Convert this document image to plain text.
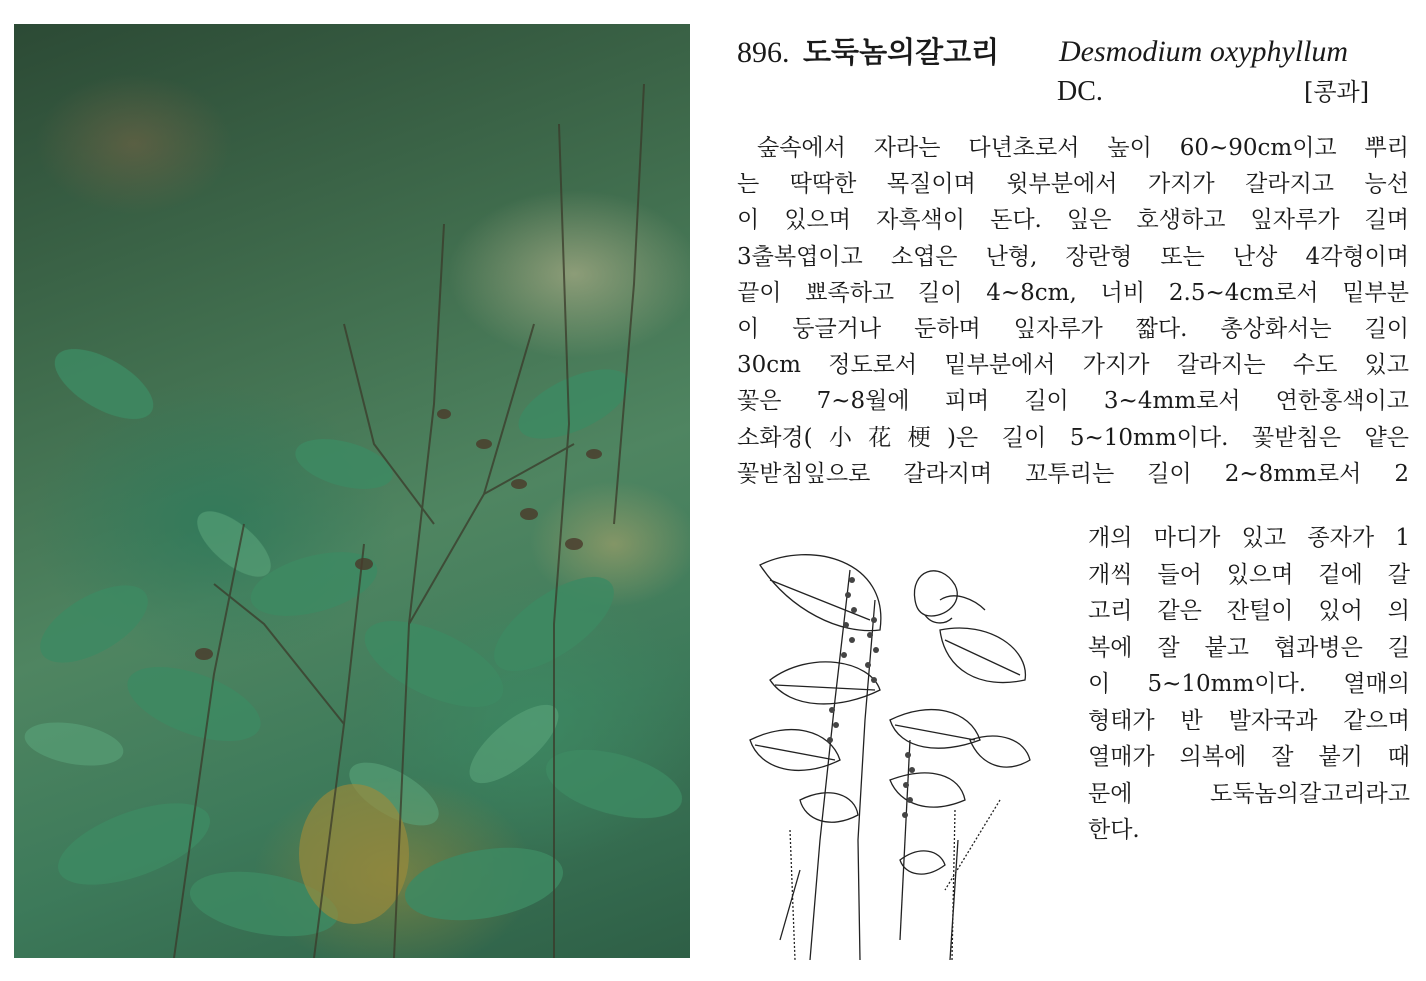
896. 도둑놈의갈고리 Desmodium oxyphyllum
DC.	[콩과]
숲속에서 자라는 다년초로서 높이 60~90cm이고 뿌리
는 딱딱한 목질이며 윗부분에서 가지가 갈라지고 능선
이 있으며 자흑색이 돈다. 잎은 호생하고 잎자루가 길며
3출복엽이고 소엽은 난형, 장란형 또는 난상 4각형이며
끝이 뾰족하고 길이 4~8cm, 너비 2.5~4cm로서 밑부분
이 둥글거나 둔하며 잎자루가 짧다. 총상화서는 길이
30cm 정도로서 밑부분에서 가지가 갈라지는 수도 있고
꽃은 7~8월에 피며 길이 3~4mm로서 연한홍색이고
소화경(小花梗)은 길이 5~10mm이다. 꽃받침은 얕은
꽃받침잎으로 갈라지며 꼬투리는 길이 2~8mm로서 2
개의 마디가 있고 종자가 1
개씩 들어 있으며 겉에 갈
고리 같은 잔털이 있어 의
복에 잘 붙고 협과병은 길
이 5~10mm이다. 열매의
형태가 반 발자국과 같으며
열매가 의복에 잘 붙기 때
문에 도둑놈의갈고리라고
한다.
